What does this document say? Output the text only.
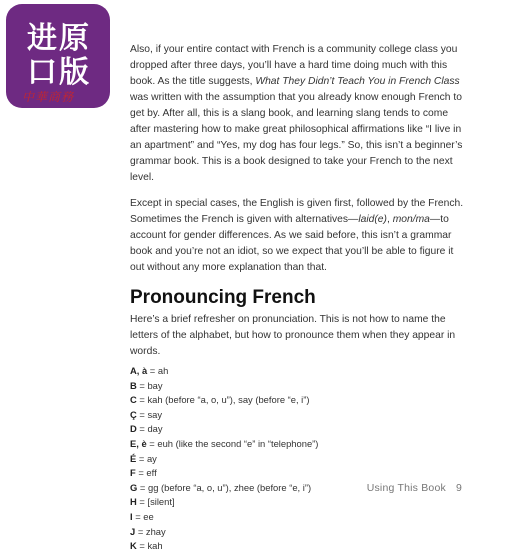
进 原
口 版
中華商務

Also, if your entire contact with French is a community college class you dropped after three days, you’ll have a hard time doing much with this book. As the title suggests, What They Didn’t Teach You in French Class was written with the assumption that you already know enough French to get by. After all, this is a slang book, and learning slang tends to come after mastering how to make great philosophical affirmations like “I live in an apartment” and “Yes, my dog has four legs.” So, this isn’t a beginner’s grammar book. This is a book designed to take your French to the next level.

Except in special cases, the English is given first, followed by the French. Sometimes the French is given with alternatives—laid(e), mon/ma—to account for gender differences. As we said before, this isn’t a grammar book and you’re not an idiot, so we expect that you’ll be able to figure it out without any more explanation than that.

Pronouncing French
Here’s a brief refresher on pronunciation. This is not how to name the letters of the alphabet, but how to pronounce them when they appear in words.
A, à = ah
B = bay
C = kah (before “a, o, u”), say (before “e, i”)
Ç = say
D = day
E, è = euh (like the second “e” in “telephone”)
É = ay
F = eff
G = gg (before “a, o, u”), zhee (before “e, i”)
H = [silent]
I = ee
J = zhay
K = kah
Using This Book 9
